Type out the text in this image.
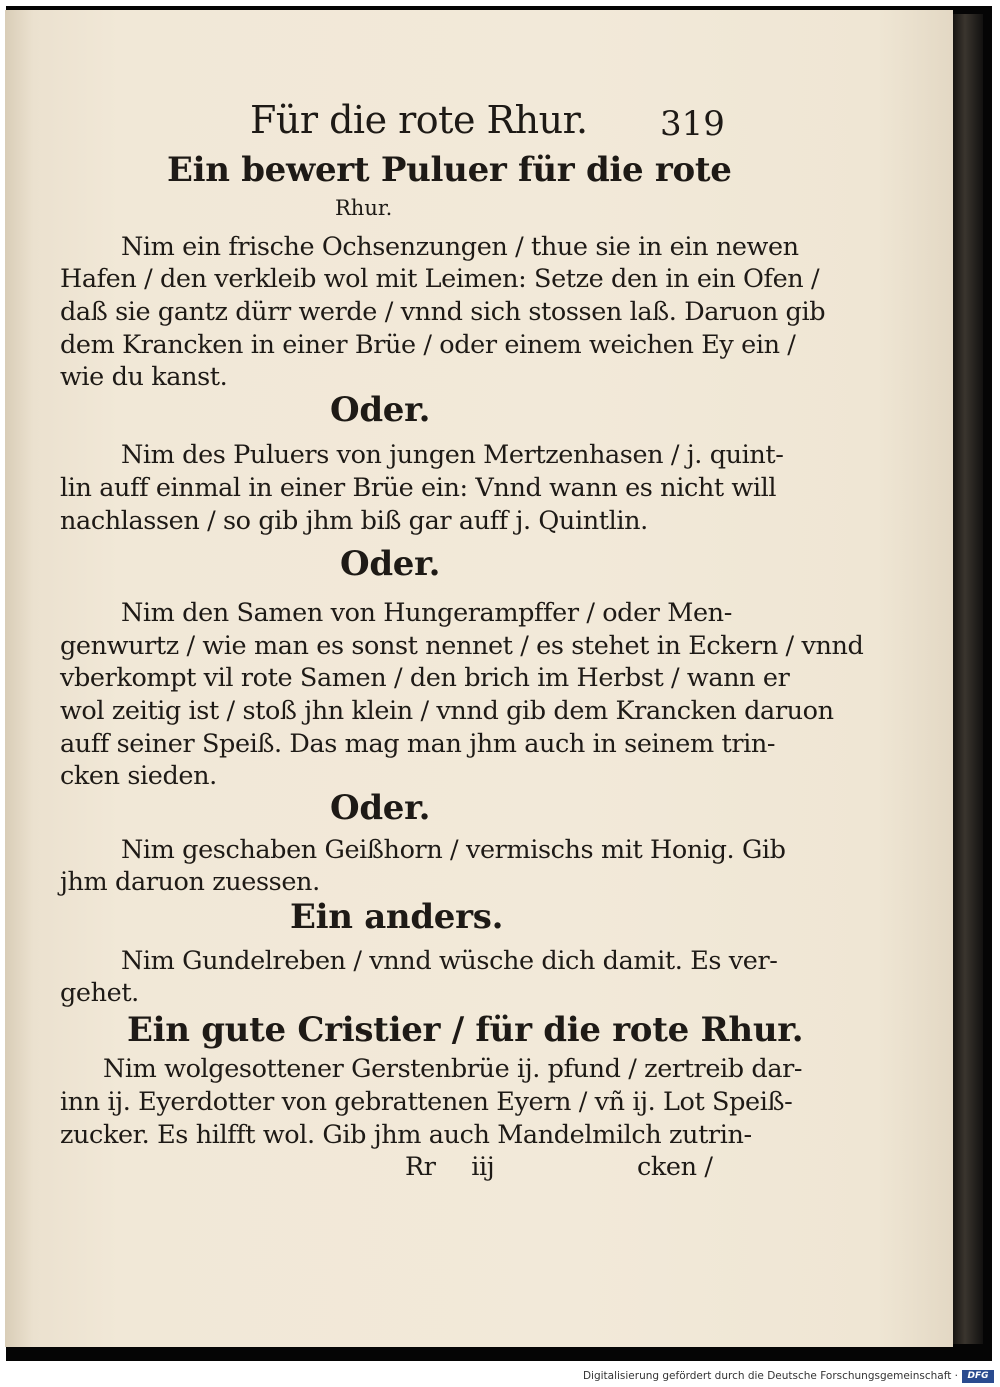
Für die rote Rhur. 319
Ein bewert Puluer für die rote
Rhur.
Nim ein frische Ochsenzungen / thue sie in ein newen
Hafen / den verkleib wol mit Leimen: Setze den in ein Ofen /
daß sie gantz dürr werde / vnnd sich stossen laß. Daruon gib
dem Krancken in einer Brüe / oder einem weichen Ey ein /
wie du kanst.
Oder.
Nim des Puluers von jungen Mertzenhasen / j. quint-
lin auff einmal in einer Brüe ein: Vnnd wann es nicht will
nachlassen / so gib jhm biß gar auff j. Quintlin.
Oder.
Nim den Samen von Hungerampffer / oder Men-
genwurtz / wie man es sonst nennet / es stehet in Eckern / vnnd
vberkompt vil rote Samen / den brich im Herbst / wann er
wol zeitig ist / stoß jhn klein / vnnd gib dem Krancken daruon
auff seiner Speiß. Das mag man jhm auch in seinem trin-
cken sieden.
Oder.
Nim geschaben Geißhorn / vermischs mit Honig. Gib
jhm daruon zuessen.
Ein anders.
Nim Gundelreben / vnnd wüsche dich damit. Es ver-
gehet.
Ein gute Cristier / für die rote Rhur.
Nim wolgesottener Gerstenbrüe ij. pfund / zertreib dar-
inn ij. Eyerdotter von gebrattenen Eyern / vñ ij. Lot Speiß-
zucker. Es hilfft wol. Gib jhm auch Mandelmilch zutrin-
Rr iij	cken /
Digitalisierung gefördert durch die Deutsche Forschungsgemeinschaft ·	DFG
